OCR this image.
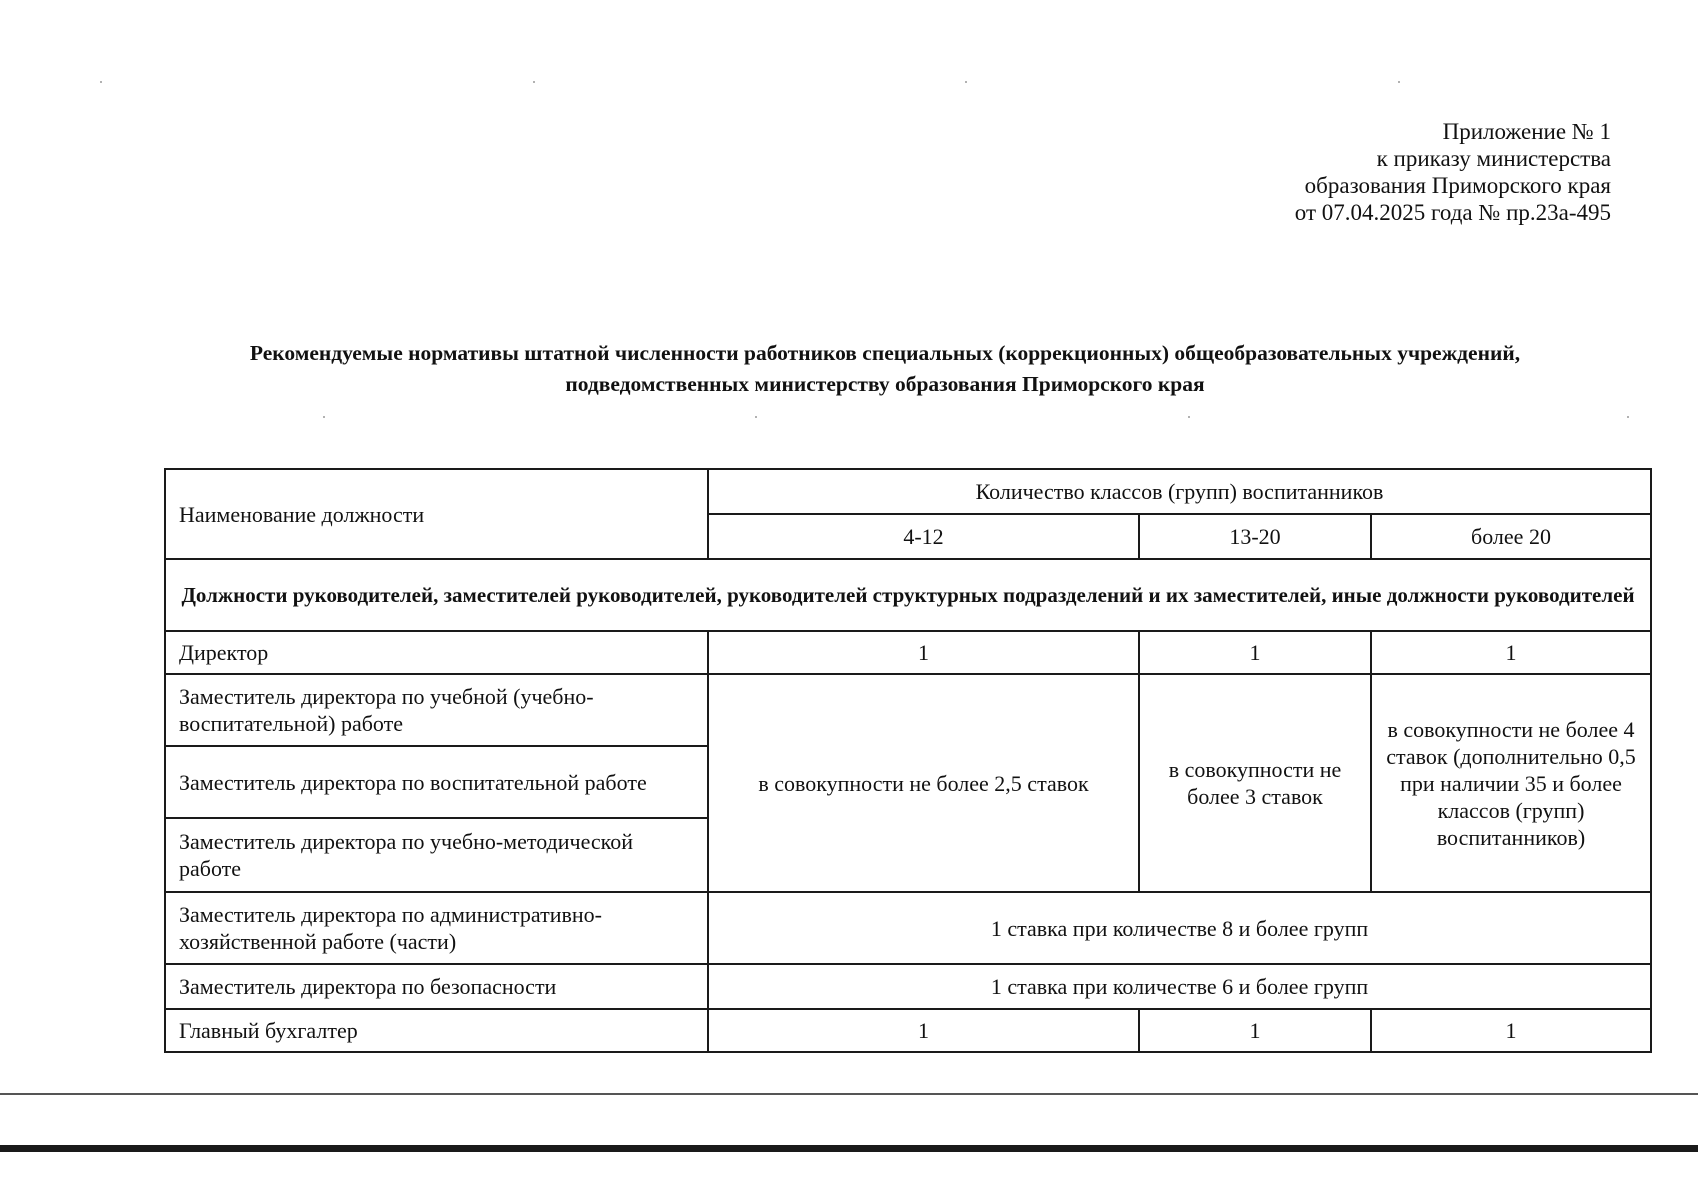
Приложение № 1
к приказу министерства
образования Приморского края
от 07.04.2025 года № пр.23а-495
Рекомендуемые нормативы штатной численности работников специальных (коррекционных) общеобразовательных учреждений,
подведомственных министерству образования Приморского края
Наименование должности	Количество классов (групп) воспитанников		
	4-12	13-20	более 20
Должности руководителей, заместителей руководителей, руководителей структурных подразделений и их заместителей, иные должности руководителей			
Директор	1	1	1
Заместитель директора по учебной (учебно-воспитательной) работе	в совокупности не более 2,5 ставок	в совокупности не более 3 ставок	в совокупности не более 4 ставок (дополнительно 0,5 при наличии 35 и более классов (групп) воспитанников)
Заместитель директора по воспитательной работе			
Заместитель директора по учебно-методической работе			
Заместитель директора по административно-хозяйственной работе (части)	1 ставка при количестве 8 и более групп		
Заместитель директора по безопасности	1 ставка при количестве 6 и более групп		
Главный бухгалтер	1	1	1
